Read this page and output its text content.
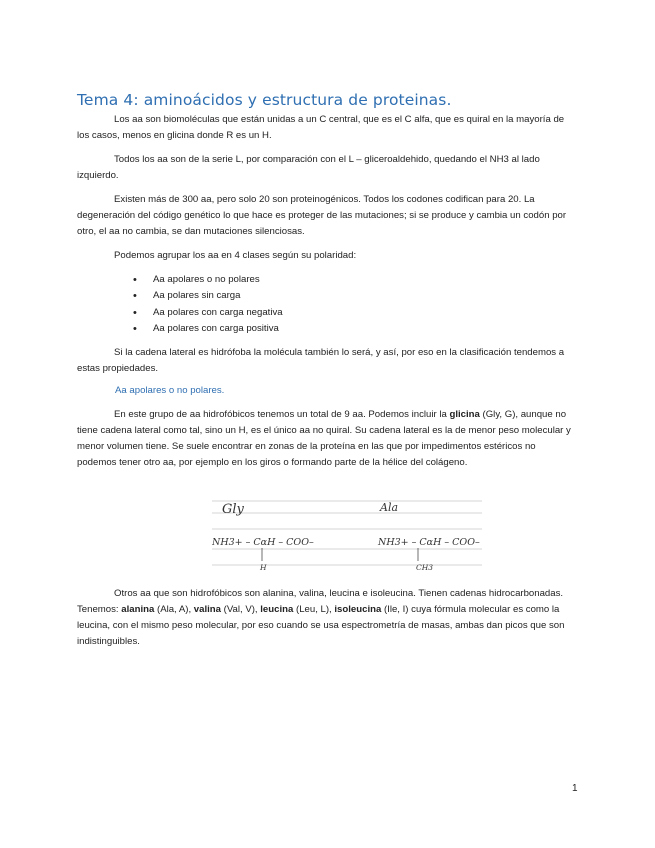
Tema 4: aminoácidos y estructura de proteinas.

Los aa son biomoléculas que están unidas a un C central, que es el C alfa, que es quiral en la mayoría de los casos, menos en glicina donde R es un H.

Todos los aa son de la serie L, por comparación con el L – gliceroaldehido, quedando el NH3 al lado izquierdo.

Existen más de 300 aa, pero solo 20 son proteinogénicos. Todos los codones codifican para 20. La degeneración del código genético lo que hace es proteger de las mutaciones; si se produce y cambia un codón por otro, el aa no cambia, se dan mutaciones silenciosas.

Podemos agrupar los aa en 4 clases según su polaridad:

• Aa apolares o no polares
• Aa polares sin carga
• Aa polares con carga negativa
• Aa polares con carga positiva

Si la cadena lateral es hidrófoba la molécula también lo será, y así, por eso en la clasificación tendemos a estas propiedades.

Aa apolares o no polares.

En este grupo de aa hidrofóbicos tenemos un total de 9 aa. Podemos incluir la glicina (Gly, G), aunque no tiene cadena lateral como tal, sino un H, es el único aa no quiral. Su cadena lateral es la de menor peso molecular y menor volumen tiene. Se suele encontrar en zonas de la proteína en las que por impedimentos estéricos no podemos tener otro aa, por ejemplo en los giros o formando parte de la hélice del colágeno.

Gly	Ala
NH3+ – CαH – COO–
H
NH3+ – CαH – COO–
CH3

Otros aa que son hidrofóbicos son alanina, valina, leucina e isoleucina. Tienen cadenas hidrocarbonadas. Tenemos: alanina (Ala, A), valina (Val, V), leucina (Leu, L), isoleucina (Ile, I) cuya fórmula molecular es como la leucina, con el mismo peso molecular, por eso cuando se usa espectrometría de masas, ambas dan picos que son indistinguibles.

1
